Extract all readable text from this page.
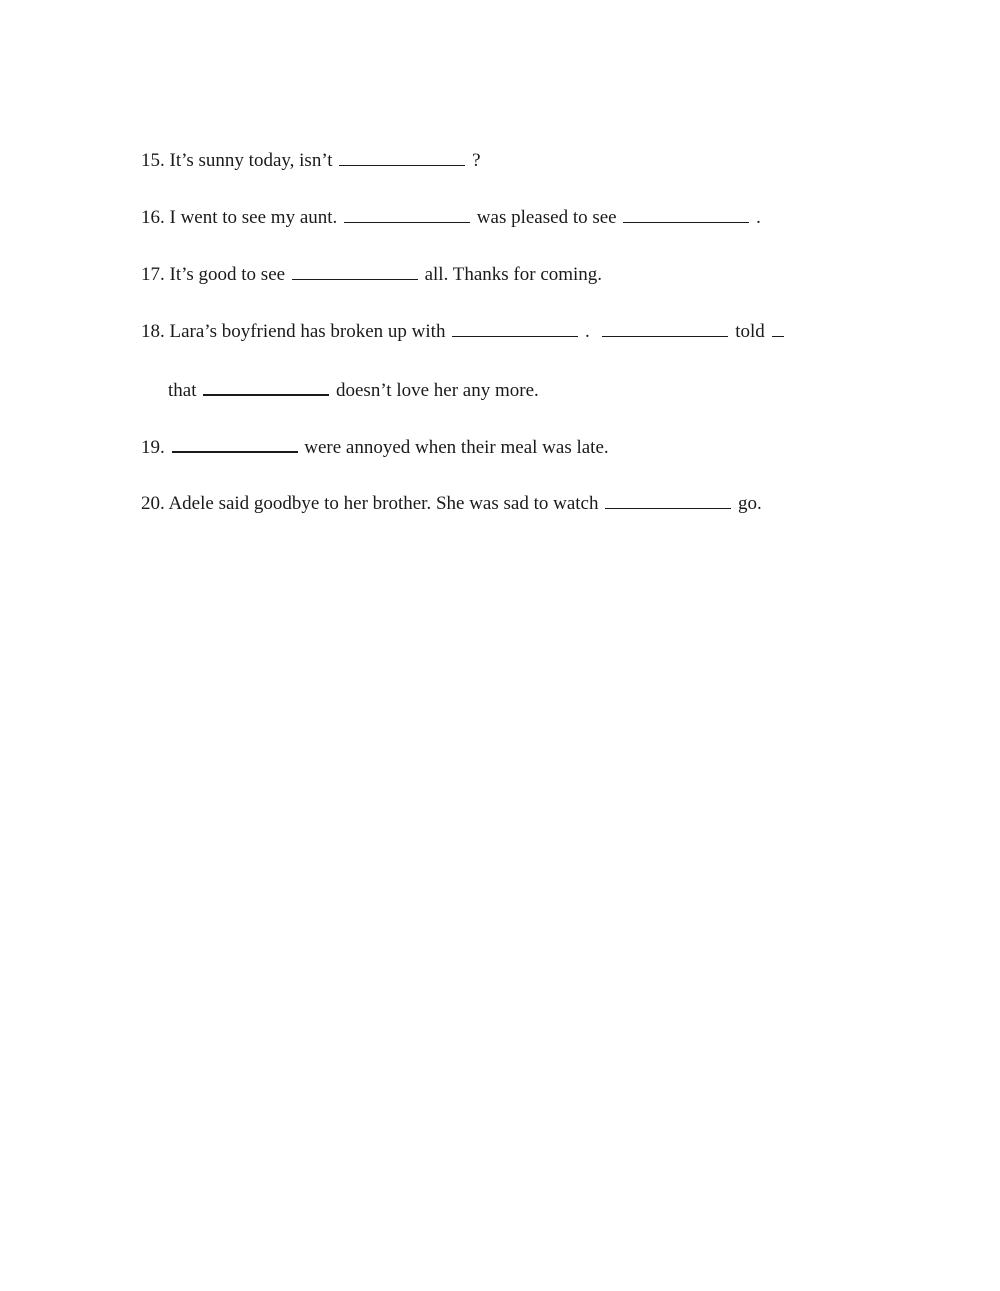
15. It’s sunny today, isn’t	?
16. I went to see my aunt.	was pleased to see	.
17. It’s good to see	all. Thanks for coming.
18. Lara’s boyfriend has broken up with	.	told
that	doesn’t love her any more.
19.	were annoyed when their meal was late.
20. Adele said goodbye to her brother. She was sad to watch	go.
